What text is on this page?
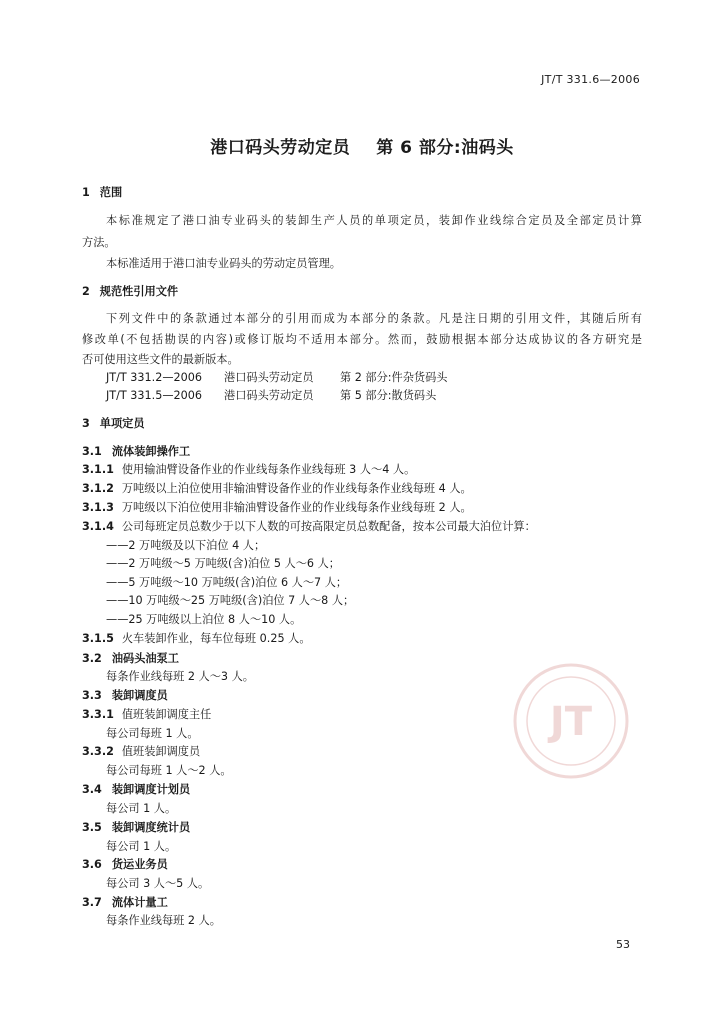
JT/T 331.6—2006
港口码头劳动定员 第 6 部分:油码头
1 范围
本标准规定了港口油专业码头的装卸生产人员的单项定员，装卸作业线综合定员及全部定员计算
方法。
本标准适用于港口油专业码头的劳动定员管理。
2 规范性引用文件
下列文件中的条款通过本部分的引用而成为本部分的条款。凡是注日期的引用文件，其随后所有
修改单(不包括勘误的内容)或修订版均不适用本部分。然而，鼓励根据本部分达成协议的各方研究是
否可使用这些文件的最新版本。
JT/T 331.2—2006 港口码头劳动定员 第 2 部分:件杂货码头
JT/T 331.5—2006 港口码头劳动定员 第 5 部分:散货码头
3 单项定员
3.1 流体装卸操作工
3.1.1 使用输油臂设备作业的作业线每条作业线每班 3 人～4 人。
3.1.2 万吨级以上泊位使用非输油臂设备作业的作业线每条作业线每班 4 人。
3.1.3 万吨级以下泊位使用非输油臂设备作业的作业线每条作业线每班 2 人。
3.1.4 公司每班定员总数少于以下人数的可按高限定员总数配备，按本公司最大泊位计算：
——2 万吨级及以下泊位 4 人；
——2 万吨级～5 万吨级(含)泊位 5 人～6 人；
——5 万吨级～10 万吨级(含)泊位 6 人～7 人；
——10 万吨级～25 万吨级(含)泊位 7 人～8 人；
——25 万吨级以上泊位 8 人～10 人。
3.1.5 火车装卸作业，每车位每班 0.25 人。
3.2 油码头油泵工
每条作业线每班 2 人～3 人。
3.3 装卸调度员
3.3.1 值班装卸调度主任
每公司每班 1 人。
3.3.2 值班装卸调度员
每公司每班 1 人～2 人。
3.4 装卸调度计划员
每公司 1 人。
3.5 装卸调度统计员
每公司 1 人。
3.6 货运业务员
每公司 3 人～5 人。
3.7 流体计量工
每条作业线每班 2 人。
JT
53
